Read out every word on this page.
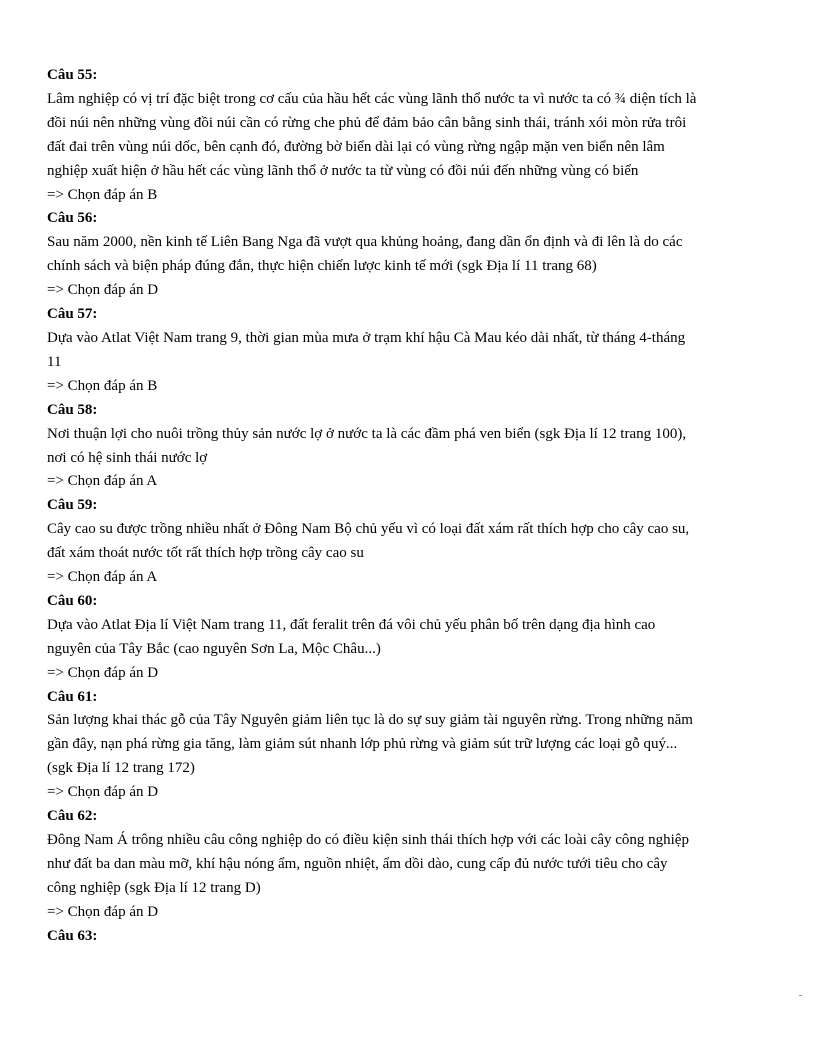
Câu 55:
Lâm nghiệp có vị trí đặc biệt trong cơ cấu của hầu hết các vùng lãnh thổ nước ta vì nước ta có ¾ diện tích là
đồi núi nên những vùng đồi núi cần có rừng che phủ để đảm bảo cân bằng sinh thái, tránh xói mòn rửa trôi
đất đai trên vùng núi dốc, bên cạnh đó, đường bờ biển dài lại có vùng rừng ngập mặn ven biển nên lâm
nghiệp xuất hiện ở hầu hết các vùng lãnh thổ ở nước ta từ vùng có đồi núi đến những vùng có biển
=> Chọn đáp án B
Câu 56:
Sau năm 2000, nền kinh tế Liên Bang Nga đã vượt qua khủng hoảng, đang dần ổn định và đi lên là do các
chính sách và biện pháp đúng đắn, thực hiện chiến lược kinh tế mới (sgk Địa lí 11 trang 68)
=> Chọn đáp án D
Câu 57:
Dựa vào Atlat Việt Nam trang 9, thời gian mùa mưa ở trạm khí hậu Cà Mau kéo dài nhất, từ tháng 4-tháng
11
=> Chọn đáp án B
Câu 58:
Nơi thuận lợi cho nuôi trồng thủy sản nước lợ ở nước ta là các đầm phá ven biển (sgk Địa lí 12 trang 100),
nơi có hệ sinh thái nước lợ
=> Chọn đáp án A
Câu 59:
Cây cao su được trồng nhiều nhất ở Đông Nam Bộ chủ yếu vì có loại đất xám rất thích hợp cho cây cao su,
đất xám thoát nước tốt rất thích hợp trồng cây cao su
=> Chọn đáp án A
Câu 60:
Dựa vào Atlat Địa lí Việt Nam trang 11, đất feralit trên đá vôi chủ yếu phân bố trên dạng địa hình cao
nguyên của Tây Bắc (cao nguyên Sơn La, Mộc Châu...)
=> Chọn đáp án D
Câu 61:
Sản lượng khai thác gỗ của Tây Nguyên giảm liên tục là do sự suy giảm tài nguyên rừng. Trong những năm
gần đây, nạn phá rừng gia tăng, làm giảm sút nhanh lớp phủ rừng và giảm sút trữ lượng các loại gỗ quý...
(sgk Địa lí 12 trang 172)
=> Chọn đáp án D
Câu 62:
Đông Nam Á trông nhiều câu công nghiệp do có điều kiện sinh thái thích hợp với các loài cây công nghiệp
như đất ba dan màu mỡ, khí hậu nóng ẩm, nguồn nhiệt, ẩm dồi dào, cung cấp đủ nước tưới tiêu cho cây
công nghiệp (sgk Địa lí 12 trang D)
=> Chọn đáp án D
Câu 63:
